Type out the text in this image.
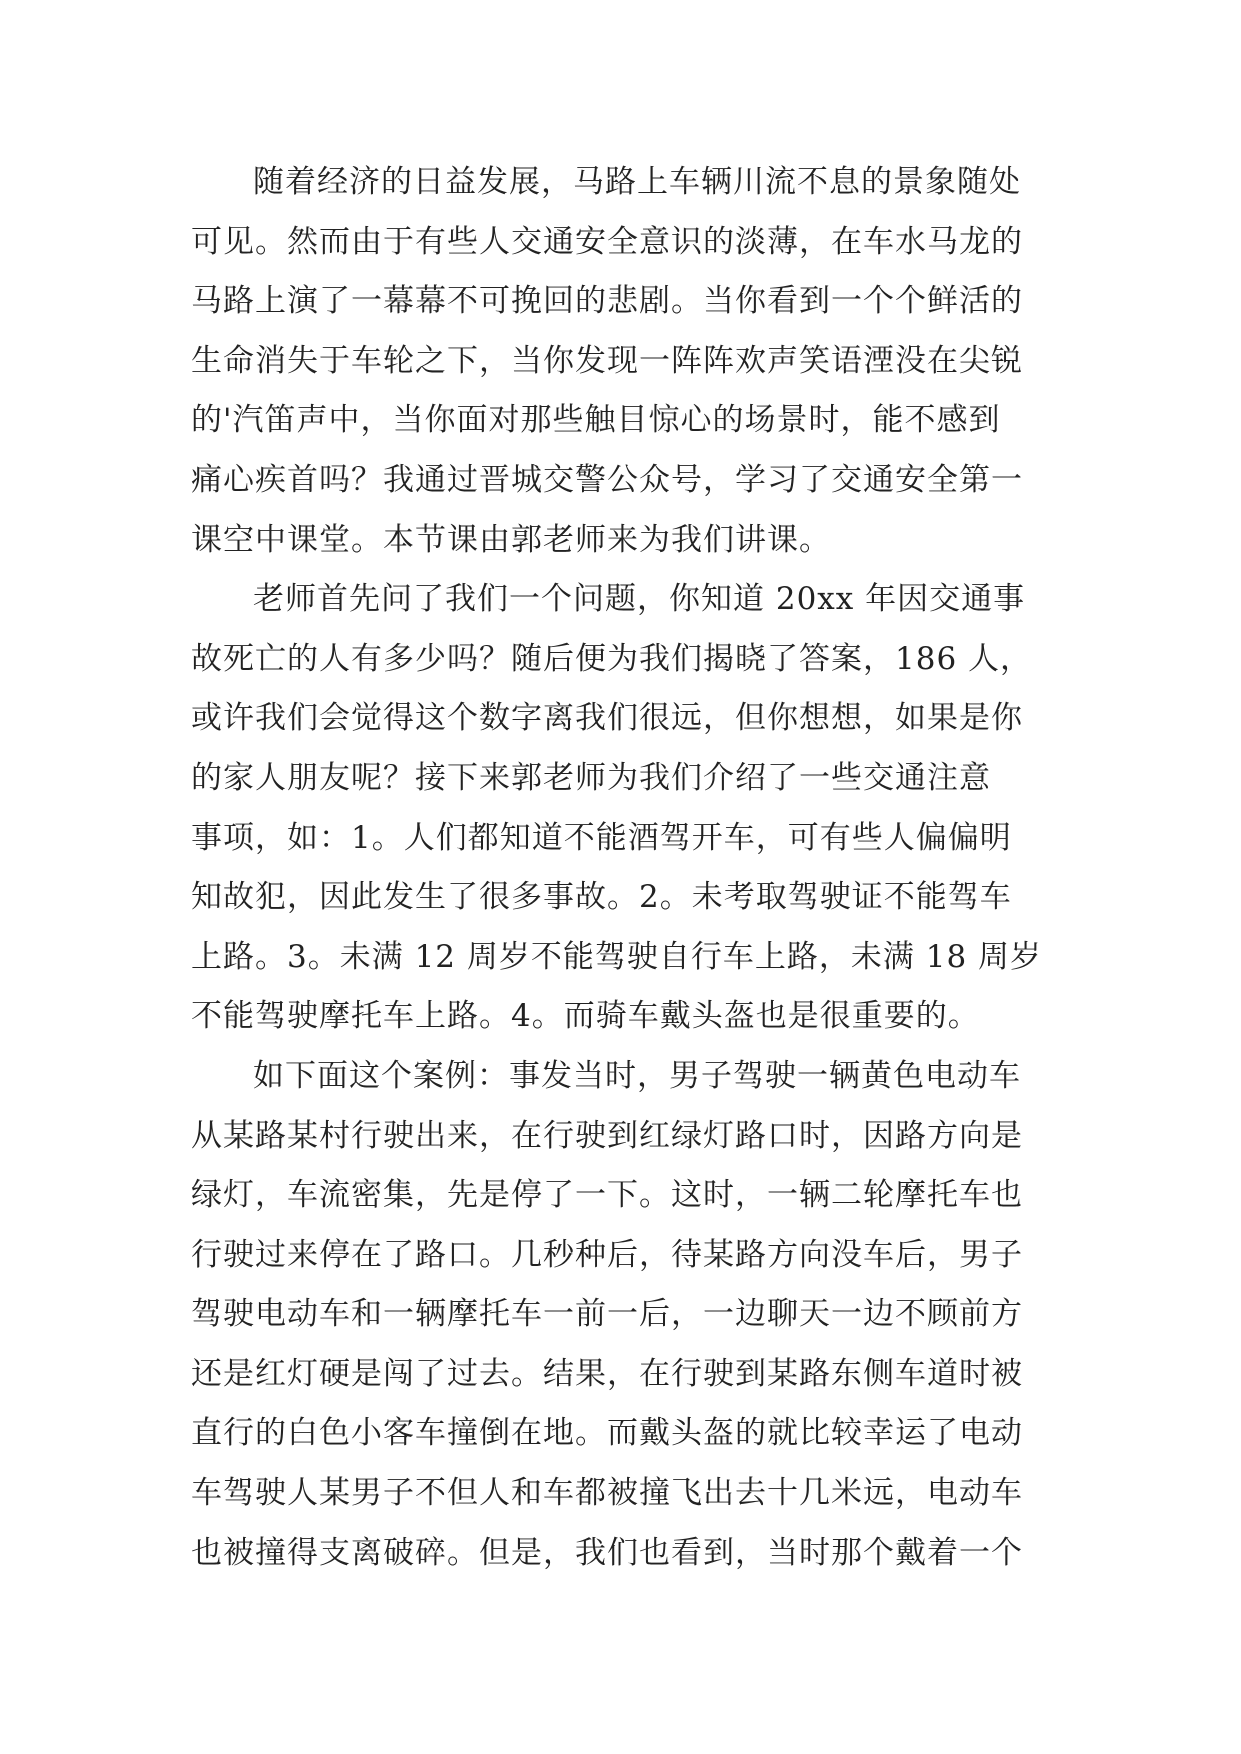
随着经济的日益发展，马路上车辆川流不息的景象随处
可见。然而由于有些人交通安全意识的淡薄，在车水马龙的
马路上演了一幕幕不可挽回的悲剧。当你看到一个个鲜活的
生命消失于车轮之下，当你发现一阵阵欢声笑语湮没在尖锐
的'汽笛声中，当你面对那些触目惊心的场景时，能不感到
痛心疾首吗？我通过晋城交警公众号，学习了交通安全第一
课空中课堂。本节课由郭老师来为我们讲课。
老师首先问了我们一个问题，你知道 20xx 年因交通事
故死亡的人有多少吗？随后便为我们揭晓了答案，186 人，
或许我们会觉得这个数字离我们很远，但你想想，如果是你
的家人朋友呢？接下来郭老师为我们介绍了一些交通注意
事项，如：1。人们都知道不能酒驾开车，可有些人偏偏明
知故犯，因此发生了很多事故。2。未考取驾驶证不能驾车
上路。3。未满 12 周岁不能驾驶自行车上路，未满 18 周岁
不能驾驶摩托车上路。4。而骑车戴头盔也是很重要的。
如下面这个案例：事发当时，男子驾驶一辆黄色电动车
从某路某村行驶出来，在行驶到红绿灯路口时，因路方向是
绿灯，车流密集，先是停了一下。这时，一辆二轮摩托车也
行驶过来停在了路口。几秒种后，待某路方向没车后，男子
驾驶电动车和一辆摩托车一前一后，一边聊天一边不顾前方
还是红灯硬是闯了过去。结果，在行驶到某路东侧车道时被
直行的白色小客车撞倒在地。而戴头盔的就比较幸运了电动
车驾驶人某男子不但人和车都被撞飞出去十几米远，电动车
也被撞得支离破碎。但是，我们也看到，当时那个戴着一个
